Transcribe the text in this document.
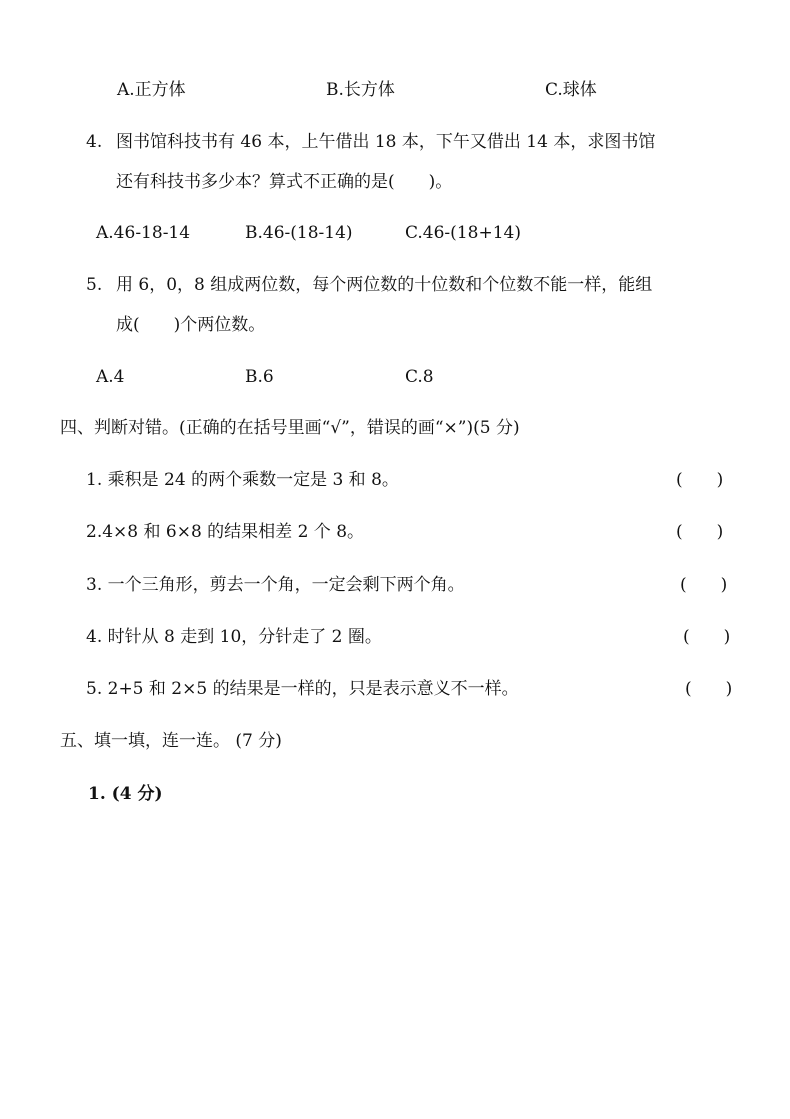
A.正方体	B.长方体	C.球体
4. 图书馆科技书有 46 本，上午借出 18 本，下午又借出 14 本，求图书馆
还有科技书多少本？算式不正确的是(　　)。
A.46-18-14	B.46-(18-14)	C.46-(18+14)
5. 用 6，0，8 组成两位数，每个两位数的十位数和个位数不能一样，能组
成(　　)个两位数。
A.4	B.6	C.8
四、判断对错。(正确的在括号里画“√”，错误的画“×”)(5 分)
1. 乘积是 24 的两个乘数一定是 3 和 8。	(　　)
2.4×8 和 6×8 的结果相差 2 个 8。	(　　)
3. 一个三角形，剪去一个角，一定会剩下两个角。	(　　)
4. 时针从 8 走到 10，分针走了 2 圈。	(　　)
5. 2+5 和 2×5 的结果是一样的，只是表示意义不一样。	(　　)
五、填一填，连一连。 (7 分)
1. (4 分)
